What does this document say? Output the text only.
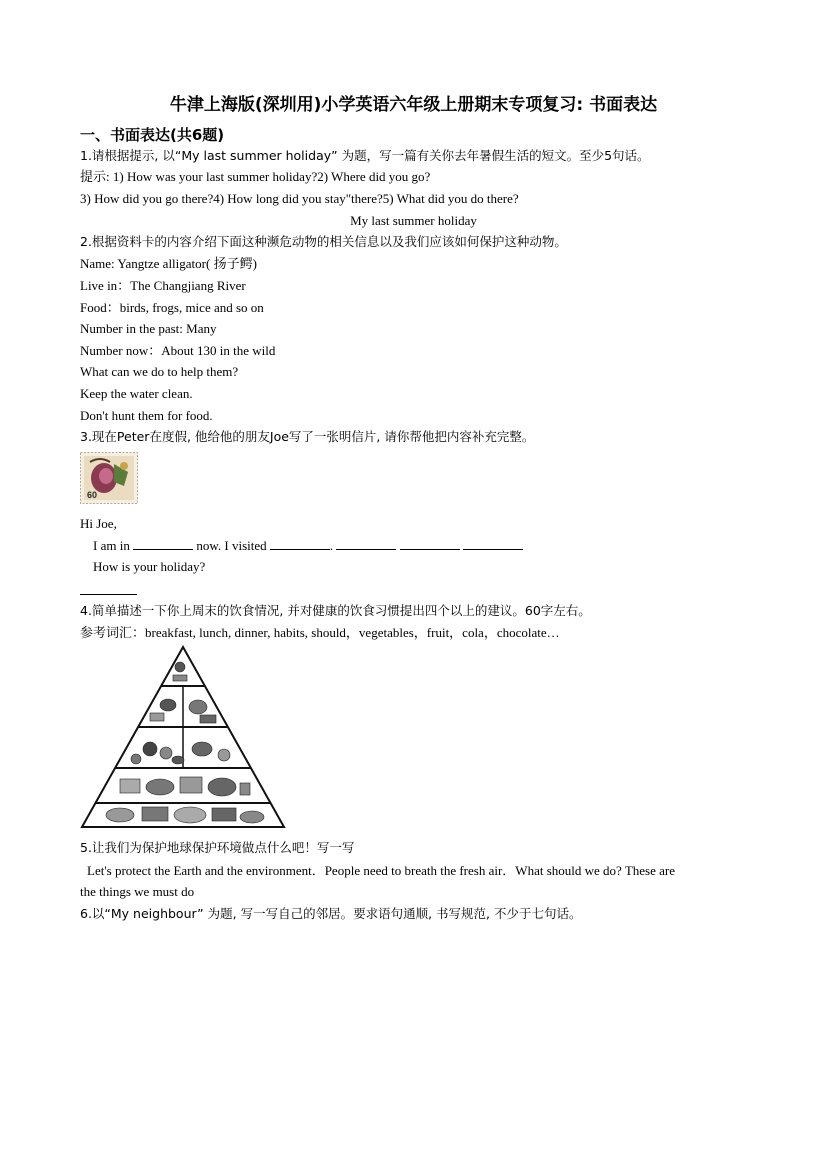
牛津上海版(深圳用)小学英语六年级上册期末专项复习: 书面表达
一、书面表达(共6题)
1.请根据提示, 以“My last summer holiday” 为题，写一篇有关你去年暑假生活的短文。至少5句话。
提示: 1) How was your last summer holiday?2) Where did you go?
3) How did you go there?4) How long did you stay"there?5) What did you do there?
My last summer holiday
2.根据资料卡的内容介绍下面这种濒危动物的相关信息以及我们应该如何保护这种动物。
Name: Yangtze alligator( 扬子鳄)
Live in：The Changjiang River
Food：birds, frogs, mice and so on
Number in the past: Many
Number now：About 130 in the wild
What can we do to help them?
Keep the water clean.
Don't hunt them for food.
3.现在Peter在度假, 他给他的朋友Joe写了一张明信片, 请你帮他把内容补充完整。
60
Hi Joe,
I am in	now. I visited	.
How is your holiday?
4.简单描述一下你上周末的饮食情况, 并对健康的饮食习惯提出四个以上的建议。60字左右。
参考词汇：breakfast, lunch, dinner, habits, should，vegetables，fruit，cola，chocolate…
5.让我们为保护地球保护环境做点什么吧！写一写
Let's protect the Earth and the environment．People need to breath the fresh air．What should we do? These are
the things we must do
6.以“My neighbour” 为题, 写一写自己的邻居。要求语句通顺, 书写规范, 不少于七句话。
